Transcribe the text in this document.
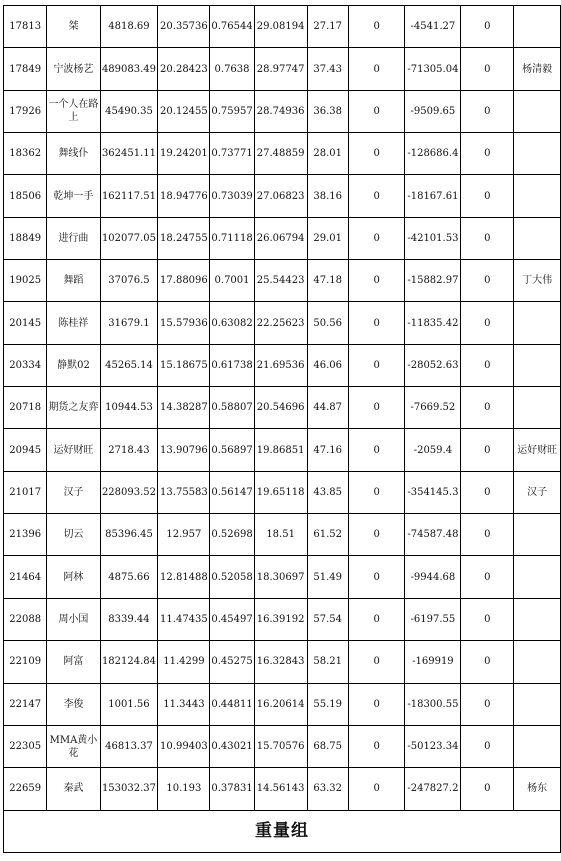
17813	桀	4818.69	20.35736	0.76544	29.08194	27.17	0	-4541.27	0	
17849	宁波杨艺	489083.49	20.28423	0.7638	28.97747	37.43	0	-71305.04	0	杨清毅
17926	一个人在路上	45490.35	20.12455	0.75957	28.74936	36.38	0	-9509.65	0	
18362	舞线仆	362451.11	19.24201	0.73771	27.48859	28.01	0	-128686.4	0	
18506	乾坤一手	162117.51	18.94776	0.73039	27.06823	38.16	0	-18167.61	0	
18849	进行曲	102077.05	18.24755	0.71118	26.06794	29.01	0	-42101.53	0	
19025	舞蹈	37076.5	17.88096	0.7001	25.54423	47.18	0	-15882.97	0	丁大伟
20145	陈桂祥	31679.1	15.57936	0.63082	22.25623	50.56	0	-11835.42	0	
20334	静默02	45265.14	15.18675	0.61738	21.69536	46.06	0	-28052.63	0	
20718	期货之友弈	10944.53	14.38287	0.58807	20.54696	44.87	0	-7669.52	0	
20945	运好财旺	2718.43	13.90796	0.56897	19.86851	47.16	0	-2059.4	0	运好财旺
21017	汉子	228093.52	13.75583	0.56147	19.65118	43.85	0	-354145.3	0	汉子
21396	切云	85396.45	12.957	0.52698	18.51	61.52	0	-74587.48	0	
21464	阿林	4875.66	12.81488	0.52058	18.30697	51.49	0	-9944.68	0	
22088	周小国	8339.44	11.47435	0.45497	16.39192	57.54	0	-6197.55	0	
22109	阿富	182124.84	11.4299	0.45275	16.32843	58.21	0	-169919	0	
22147	李俊	1001.56	11.3443	0.44811	16.20614	55.19	0	-18300.55	0	
22305	MMA黄小花	46813.37	10.99403	0.43021	15.70576	68.75	0	-50123.34	0	
22659	秦武	153032.37	10.193	0.37831	14.56143	63.32	0	-247827.2	0	杨东
重量组										
